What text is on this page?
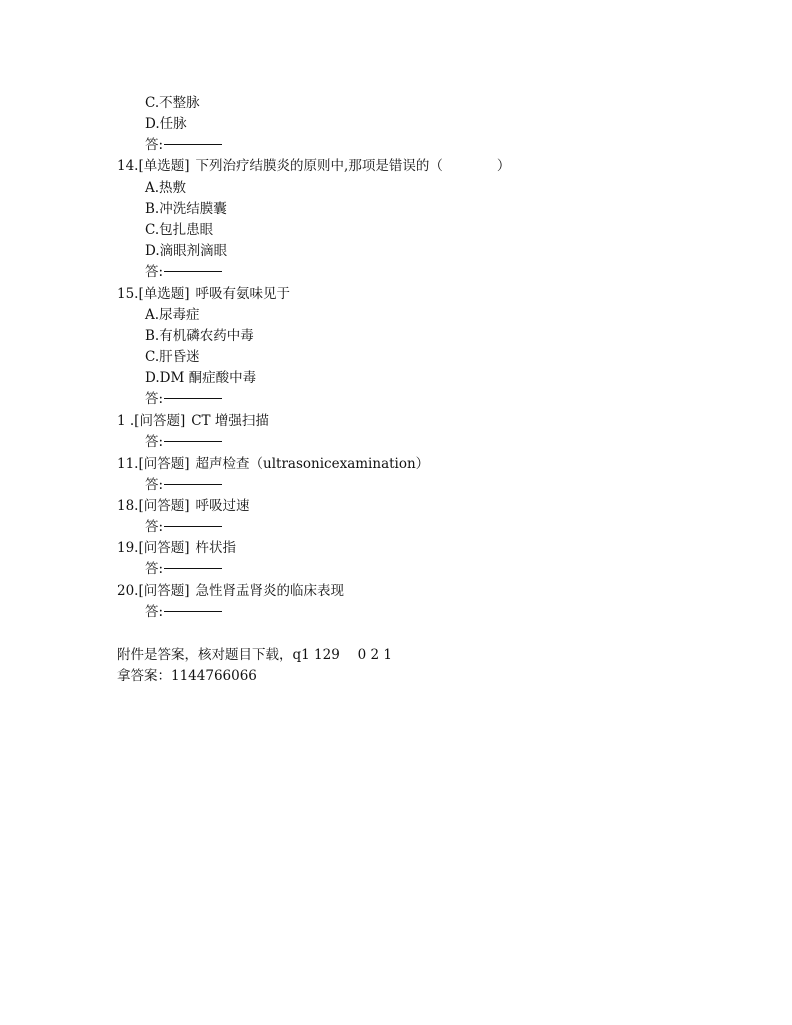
C.不整脉
D.任脉
答:
14.[单选题] 下列治疗结膜炎的原则中,那项是错误的（	）
A.热敷
B.冲洗结膜囊
C.包扎患眼
D.滴眼剂滴眼
答:
15.[单选题] 呼吸有氨味见于
A.尿毒症
B.有机磷农药中毒
C.肝昏迷
D.DM 酮症酸中毒
答:
1 .[问答题] CT 增强扫描
答:
11.[问答题] 超声检查（ultrasonicexamination）
答:
18.[问答题] 呼吸过速
答:
19.[问答题] 杵状指
答:
20.[问答题] 急性肾盂肾炎的临床表现
答:
附件是答案，核对题目下载，q1 129　 0 2 1
拿答案：1144766066
